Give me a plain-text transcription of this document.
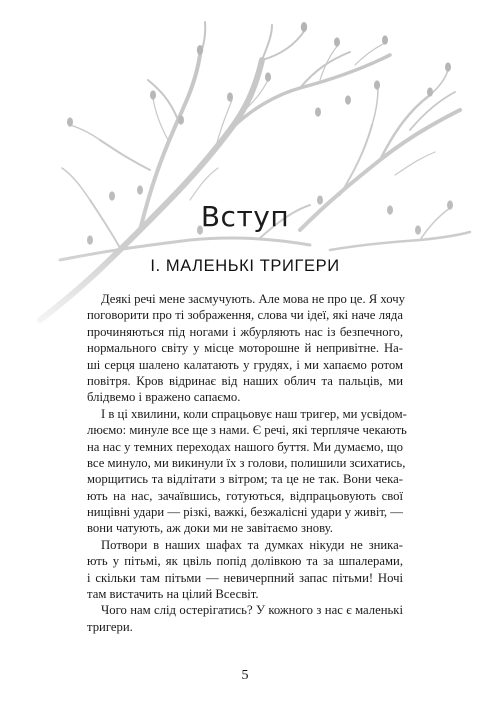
Вступ
I. МАЛЕНЬКІ ТРИГЕРИ
Деякі речі мене засмучують. Але мова не про це. Я хочу
поговорити про ті зображення, слова чи ідеї, які наче ляда
прочиняються під ногами і жбурляють нас із безпечного,
нормального світу у місце моторошне й непривітне. На-
ші серця шалено калатають у грудях, і ми хапаємо ротом
повітря. Кров відринає від наших облич та пальців, ми
блідвемо і вражено сапаємо.
І в ці хвилини, коли спрацьовує наш тригер, ми усвідом-
люємо: минуле все ще з нами. Є речі, які терпляче чекають
на нас у темних переходах нашого буття. Ми думаємо, що
все минуло, ми викинули їх з голови, полишили зсихатись,
морщитись та відлітати з вітром; та це не так. Вони чека-
ють на нас, зачаївшись, готуються, відпрацьовують свої
нищівні удари — різкі, важкі, безжалісні удари у живіт, —
вони чатують, аж доки ми не завітаємо знову.
Потвори в наших шафах та думках нікуди не зника-
ють у пітьмі, як цвіль попід долівкою та за шпалерами,
і скільки там пітьми — невичерпний запас пітьми! Ночі
там вистачить на цілий Всесвіт.
Чого нам слід остерігатись? У кожного з нас є маленькі
тригери.
5
